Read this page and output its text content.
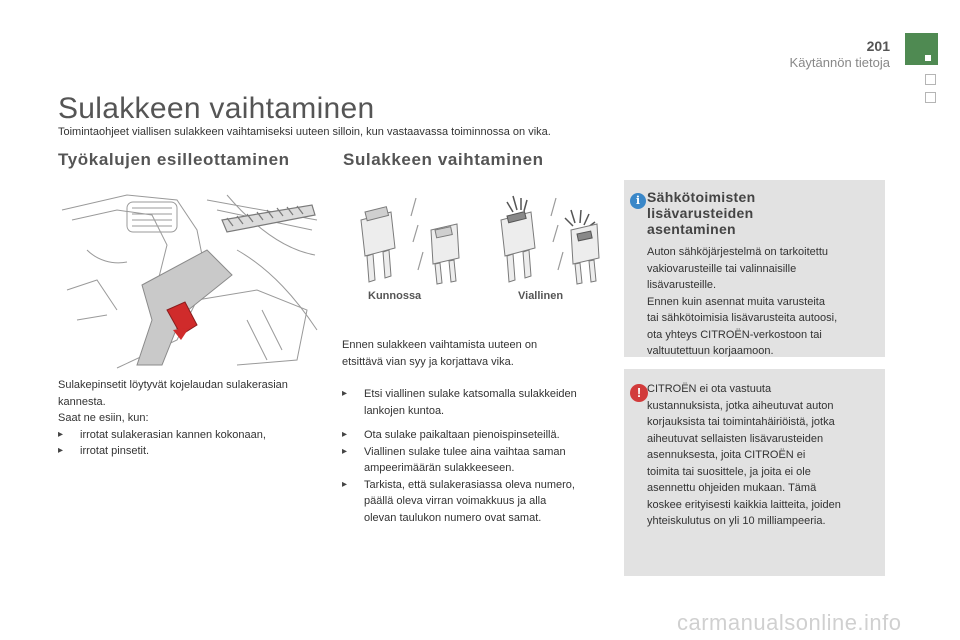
201
Käytännön tietoja
Sulakkeen vaihtaminen
Toimintaohjeet viallisen sulakkeen vaihtamiseksi uuteen silloin, kun vastaavassa toiminnossa on vika.
Työkalujen esilleottaminen
Sulakepinsetit löytyvät kojelaudan sulakerasian
kannesta.
Saat ne esiin, kun:
▸ irrotat sulakerasian kannen kokonaan,
▸ irrotat pinsetit.
Sulakkeen vaihtaminen
Kunnossa	Viallinen
Ennen sulakkeen vaihtamista uuteen on
etsittävä vian syy ja korjattava vika.
▸ Etsi viallinen sulake katsomalla sulakkeiden
lankojen kuntoa.
▸ Ota sulake paikaltaan pienoispinseteillä.
▸ Viallinen sulake tulee aina vaihtaa saman
ampeerimäärän sulakkeeseen.
▸ Tarkista, että sulakerasiassa oleva numero,
päällä oleva virran voimakkuus ja alla
olevan taulukon numero ovat samat.
i Sähkötoimisten
lisävarusteiden
asentaminen
Auton sähköjärjestelmä on tarkoitettu
vakiovarusteille tai valinnaisille
lisävarusteille.
Ennen kuin asennat muita varusteita
tai sähkötoimisia lisävarusteita autoosi,
ota yhteys CITROËN-verkostoon tai
valtuutettuun korjaamoon.
! CITROËN ei ota vastuuta
kustannuksista, jotka aiheutuvat auton
korjauksista tai toimintahäiriöistä, jotka
aiheutuvat sellaisten lisävarusteiden
asennuksesta, joita CITROËN ei
toimita tai suosittele, ja joita ei ole
asennettu ohjeiden mukaan. Tämä
koskee erityisesti kaikkia laitteita, joiden
yhteiskulutus on yli 10 milliampeeria.
carmanualsonline.info
